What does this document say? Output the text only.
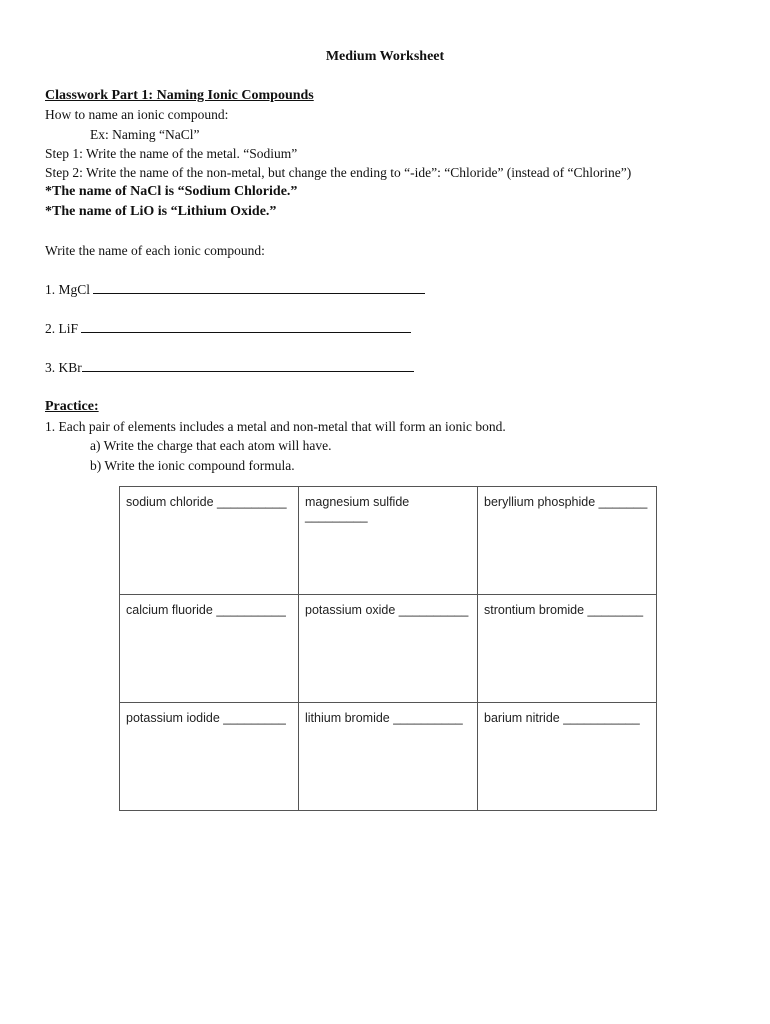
Medium Worksheet
Classwork Part 1: Naming Ionic Compounds
How to name an ionic compound:
Ex: Naming “NaCl”
Step 1: Write the name of the metal. “Sodium”
Step 2: Write the name of the non-metal, but change the ending to “-ide”: “Chloride” (instead of “Chlorine”)
*The name of NaCl is “Sodium Chloride.”
*The name of LiO is “Lithium Oxide.”
Write the name of each ionic compound:
1. MgCl
2. LiF
3. KBr
Practice:
1. Each pair of elements includes a metal and non-metal that will form an ionic bond.
a) Write the charge that each atom will have.
b) Write the ionic compound formula.
sodium chloride __________	magnesium sulfide _________	beryllium phosphide _______
calcium fluoride __________	potassium oxide __________	strontium bromide ________
potassium iodide _________	lithium bromide __________	barium nitride ___________
